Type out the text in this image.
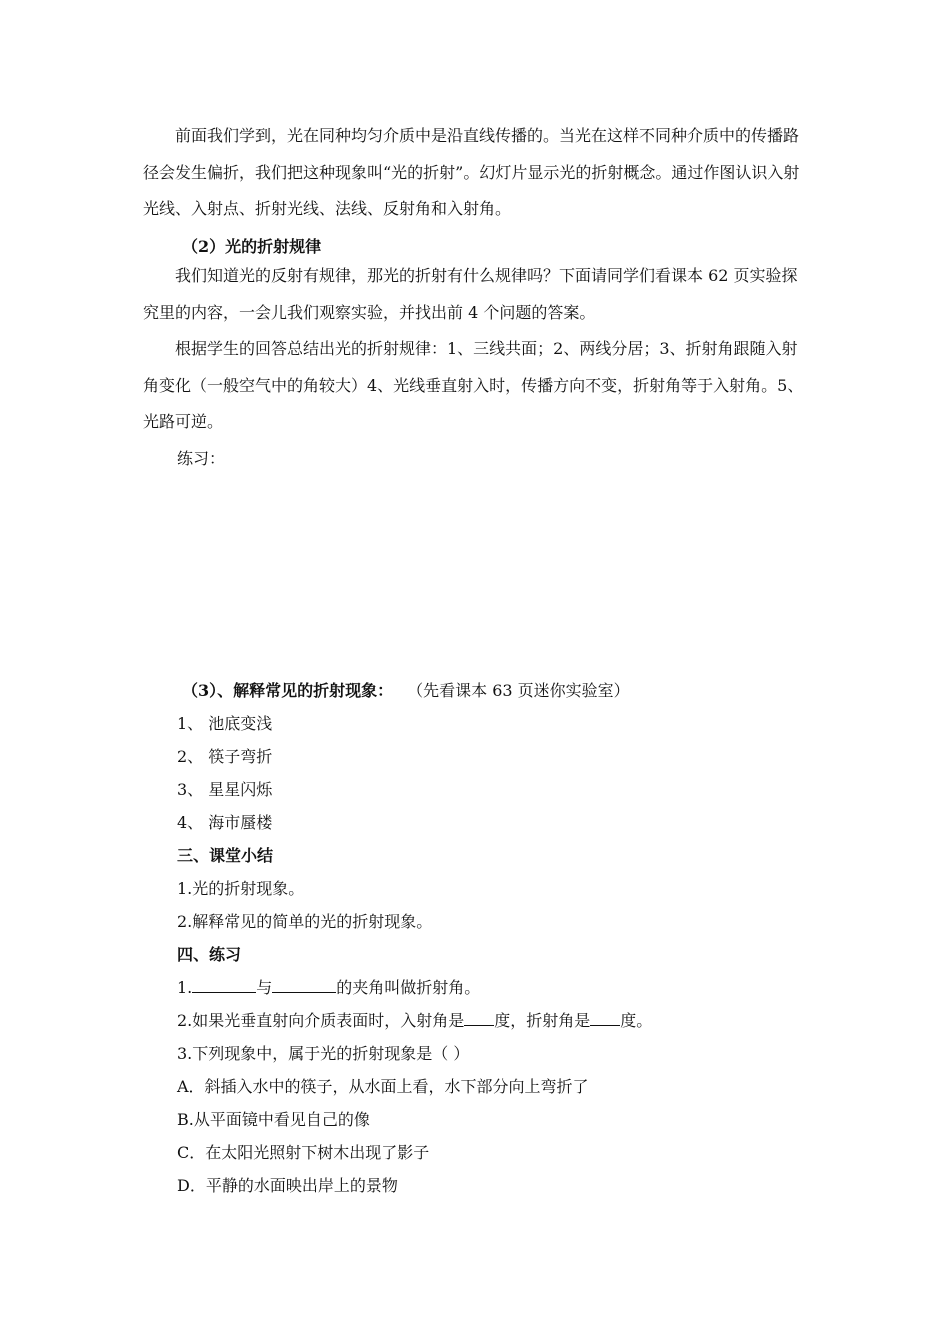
前面我们学到，光在同种均匀介质中是沿直线传播的。当光在这样不同种介质中的传播路径会发生偏折，我们把这种现象叫“光的折射”。幻灯片显示光的折射概念。通过作图认识入射光线、入射点、折射光线、法线、反射角和入射角。
（2）光的折射规律
我们知道光的反射有规律，那光的折射有什么规律吗？下面请同学们看课本 62 页实验探究里的内容，一会儿我们观察实验，并找出前 4 个问题的答案。
根据学生的回答总结出光的折射规律：1、三线共面；2、两线分居；3、折射角跟随入射角变化（一般空气中的角较大）4、光线垂直射入时，传播方向不变，折射角等于入射角。5、光路可逆。
练习：
（3）、解释常见的折射现象： （先看课本 63 页迷你实验室）
1、 池底变浅
2、 筷子弯折
3、 星星闪烁
4、 海市蜃楼
三、课堂小结
1.光的折射现象。
2.解释常见的简单的光的折射现象。
四、练习
1.	与	的夹角叫做折射角。
2.如果光垂直射向介质表面时，入射角是 度，折射角是 度。
3.下列现象中，属于光的折射现象是（ ）
A．斜插入水中的筷子，从水面上看，水下部分向上弯折了
B.从平面镜中看见自己的像
C．在太阳光照射下树木出现了影子
D．平静的水面映出岸上的景物
